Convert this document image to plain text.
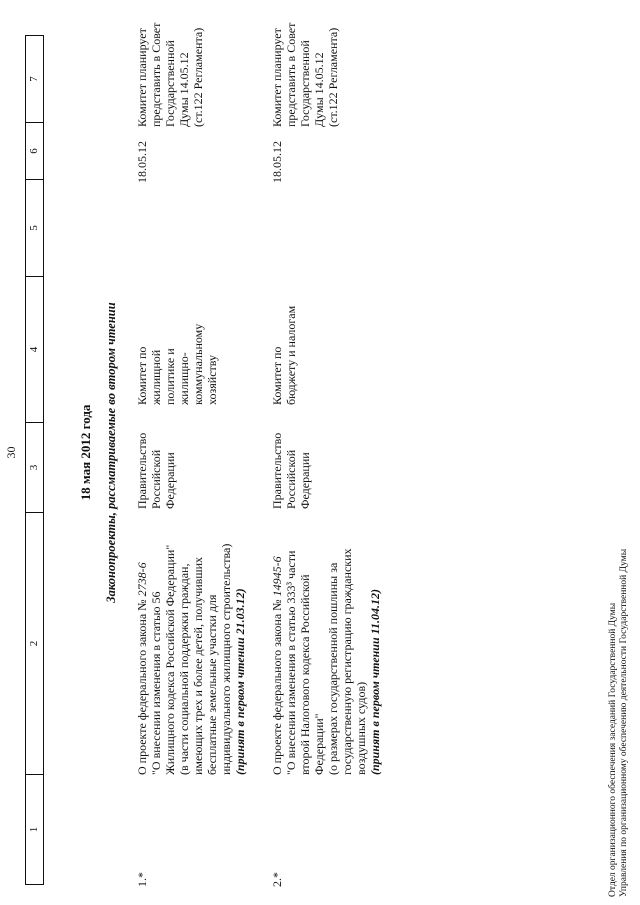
30
1
2
3
4
5
6
7
18 мая 2012 года Законопроекты, рассматриваемые во втором чтении
1.*
О проекте федерального закона № 2738-6
"О внесении изменения в статью 56 Жилищного кодекса Российской Федерации" (в части социальной поддержки граждан, имеющих трех и более детей, получивших бесплатные земельные участки для индивидуального жилищного строительства) (принят в первом чтении 21.03.12)
Правительство Российской Федерации
Комитет по жилищной политике и жилищно- коммунальному хозяйству
18.05.12
Комитет планирует представить в Совет Государственной Думы 14.05.12 (ст.122 Регламента)
2.*
О проекте федерального закона № 14945-6 "О внесении изменения в статью 333³ части второй Налогового кодекса Российской Федерации" (о размерах государственной пошлины за государственную регистрацию гражданских воздушных судов) (принят в первом чтении 11.04.12)
Правительство Российской Федерации
Комитет по бюджету и налогам
18.05.12
Комитет планирует представить в Совет Государственной Думы 14.05.12 (ст.122 Регламента)
Отдел организационного обеспечения заседаний Государственной Думы Управления по организационному обеспечению деятельности Государственной Думы
